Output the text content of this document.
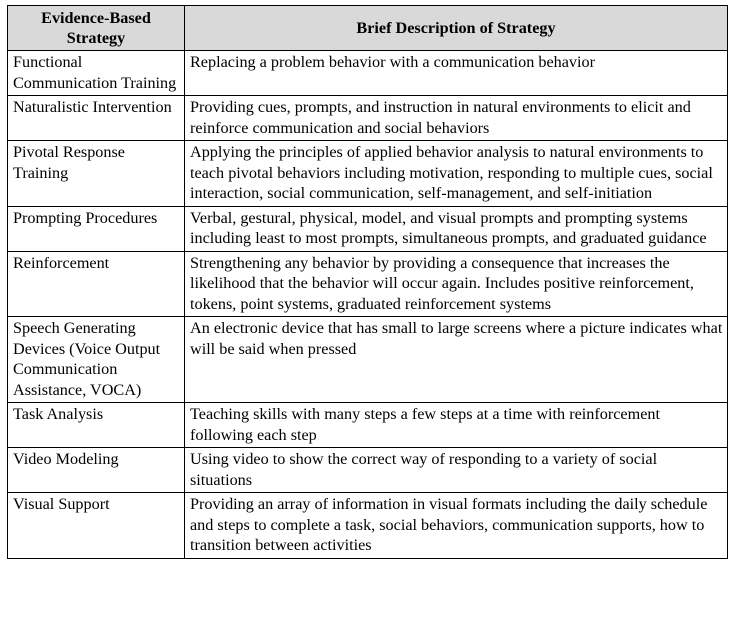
Evidence-Based Strategy	Brief Description of Strategy
Functional Communication Training	Replacing a problem behavior with a communication behavior
Naturalistic Intervention	Providing cues, prompts, and instruction in natural environments to elicit and reinforce communication and social behaviors
Pivotal Response Training	Applying the principles of applied behavior analysis to natural environments to teach pivotal behaviors including motivation, responding to multiple cues, social interaction, social communication, self-management, and self-initiation
Prompting Procedures	Verbal, gestural, physical, model, and visual prompts and prompting systems including least to most prompts, simultaneous prompts, and graduated guidance
Reinforcement	Strengthening any behavior by providing a consequence that increases the likelihood that the behavior will occur again. Includes positive reinforcement, tokens, point systems, graduated reinforcement systems
Speech Generating Devices (Voice Output Communication Assistance, VOCA)	An electronic device that has small to large screens where a picture indicates what will be said when pressed
Task Analysis	Teaching skills with many steps a few steps at a time with reinforcement following each step
Video Modeling	Using video to show the correct way of responding to a variety of social situations
Visual Support	Providing an array of information in visual formats including the daily schedule and steps to complete a task, social behaviors, communication supports, how to transition between activities
